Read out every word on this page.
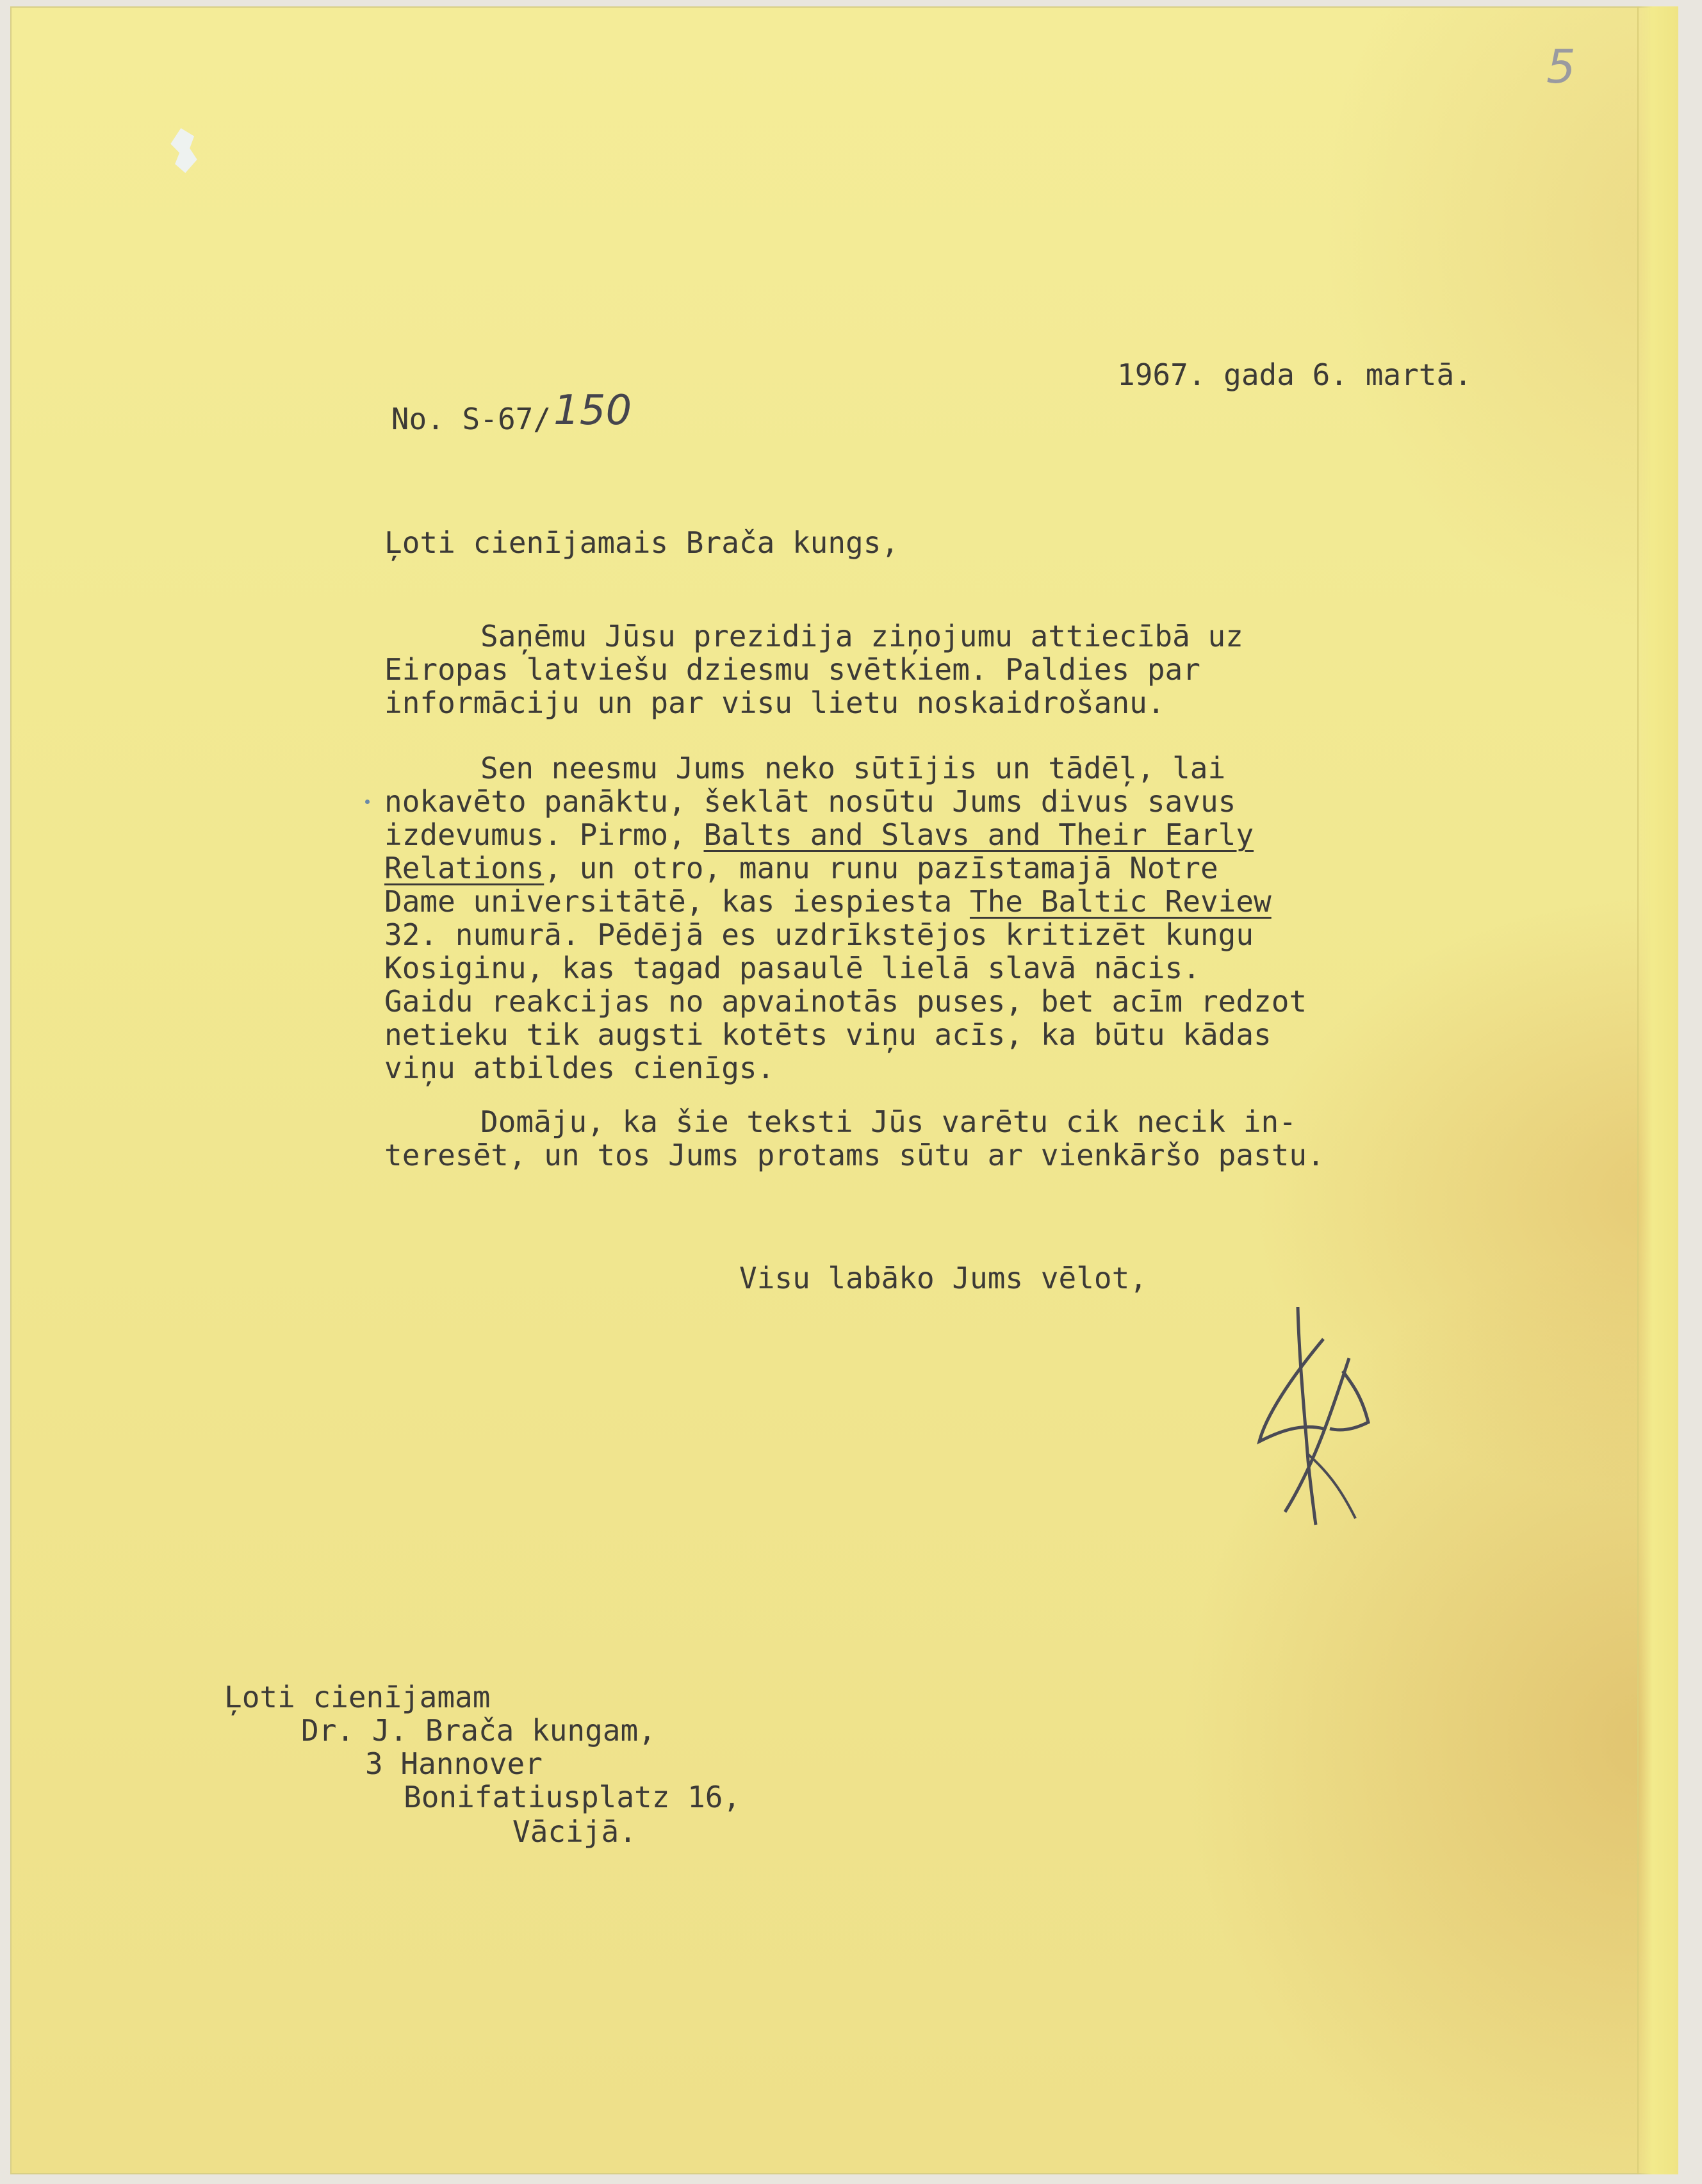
5

No. S-67/150

1967. gada 6. martā.
Ļoti cienījamais Brača kungs,
Saņēmu Jūsu prezidija ziņojumu attiecībā uz
Eiropas latviešu dziesmu svētkiem. Paldies par
informāciju un par visu lietu noskaidrošanu.
Sen neesmu Jums neko sūtījis un tādēļ, lai
nokavēto panāktu, šeklāt nosūtu Jums divus savus
izdevumus. Pirmo, Balts and Slavs and Their Early
Relations, un otro, manu runu pazīstamajā Notre
Dame universitātē, kas iespiesta The Baltic Review
32. numurā. Pēdējā es uzdrīkstējos kritizēt kungu
Kosiginu, kas tagad pasaulē lielā slavā nācis.
Gaidu reakcijas no apvainotās puses, bet acīm redzot
netieku tik augsti kotēts viņu acīs, ka būtu kādas
viņu atbildes cienīgs.
Domāju, ka šie teksti Jūs varētu cik necik in-
teresēt, un tos Jums protams sūtu ar vienkāršo pastu.
Visu labāko Jums vēlot,
Ļoti cienījamam
Dr. J. Brača kungam,
3 Hannover
Bonifatiusplatz 16,
Vācijā.
